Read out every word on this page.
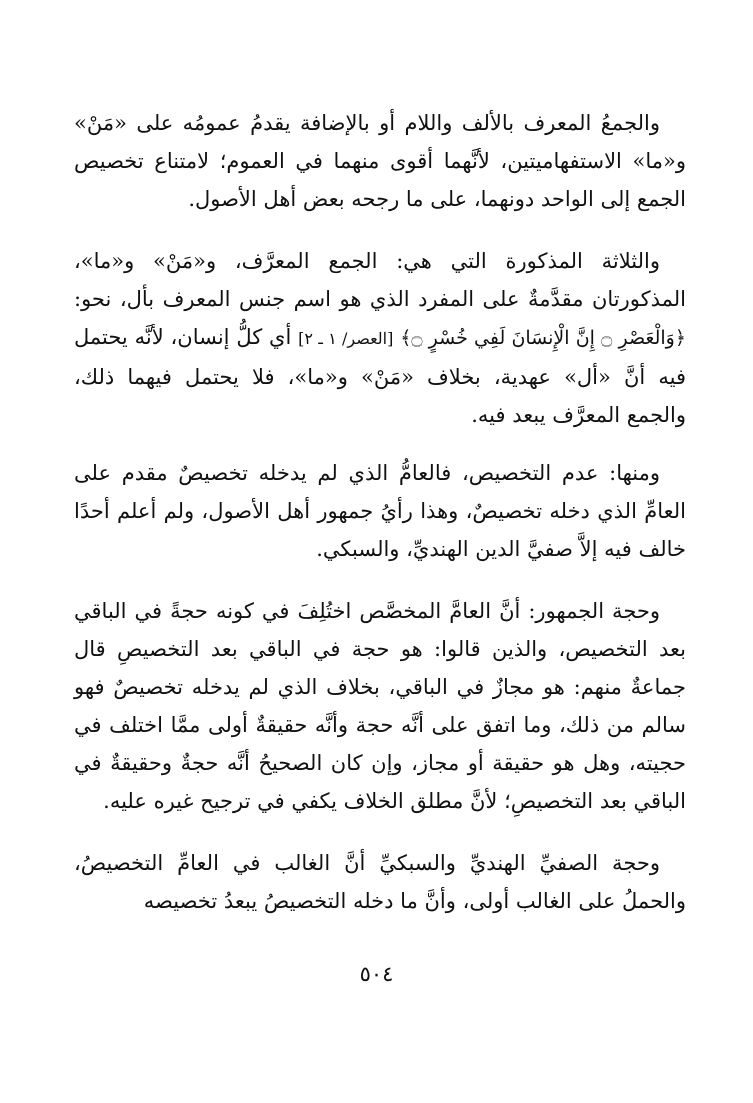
والجمعُ المعرف بالألف واللام أو بالإضافة يقدمُ عمومُه على «مَنْ» و«ما» الاستفهاميتين، لأنَّهما أقوى منهما في العموم؛ لامتناع تخصيص الجمع إلى الواحد دونهما، على ما رجحه بعض أهل الأصول.

والثلاثة المذكورة التي هي: الجمع المعرَّف، و«مَنْ» و«ما»، المذكورتان مقدَّمةٌ على المفرد الذي هو اسم جنس المعرف بأل، نحو: ﴿وَالْعَصْرِ ۝ إِنَّ الْإِنسَانَ لَفِي خُسْرٍ ۝﴾ [العصر/ ١ ـ ٢] أي كلُّ إنسان، لأنَّه يحتمل فيه أنَّ «أل» عهدية، بخلاف «مَنْ» و«ما»، فلا يحتمل فيهما ذلك، والجمع المعرَّف يبعد فيه.

ومنها: عدم التخصيص، فالعامُّ الذي لم يدخله تخصيصٌ مقدم على العامِّ الذي دخله تخصيصٌ، وهذا رأيُ جمهور أهل الأصول، ولم أعلم أحدًا خالف فيه إلاَّ صفيَّ الدين الهنديِّ، والسبكي.

وحجة الجمهور: أنَّ العامَّ المخصَّص اختُلِفَ في كونه حجةً في الباقي بعد التخصيص، والذين قالوا: هو حجة في الباقي بعد التخصيصِ قال جماعةٌ منهم: هو مجازٌ في الباقي، بخلاف الذي لم يدخله تخصيصٌ فهو سالم من ذلك، وما اتفق على أنَّه حجة وأنَّه حقيقةٌ أولى ممَّا اختلف في حجيته، وهل هو حقيقة أو مجاز، وإن كان الصحيحُ أنَّه حجةٌ وحقيقةٌ في الباقي بعد التخصيصِ؛ لأنَّ مطلق الخلاف يكفي في ترجيح غيره عليه.

وحجة الصفيِّ الهنديِّ والسبكيِّ أنَّ الغالب في العامِّ التخصيصُ، والحملُ على الغالب أولى، وأنَّ ما دخله التخصيصُ يبعدُ تخصيصه

٥٠٤
